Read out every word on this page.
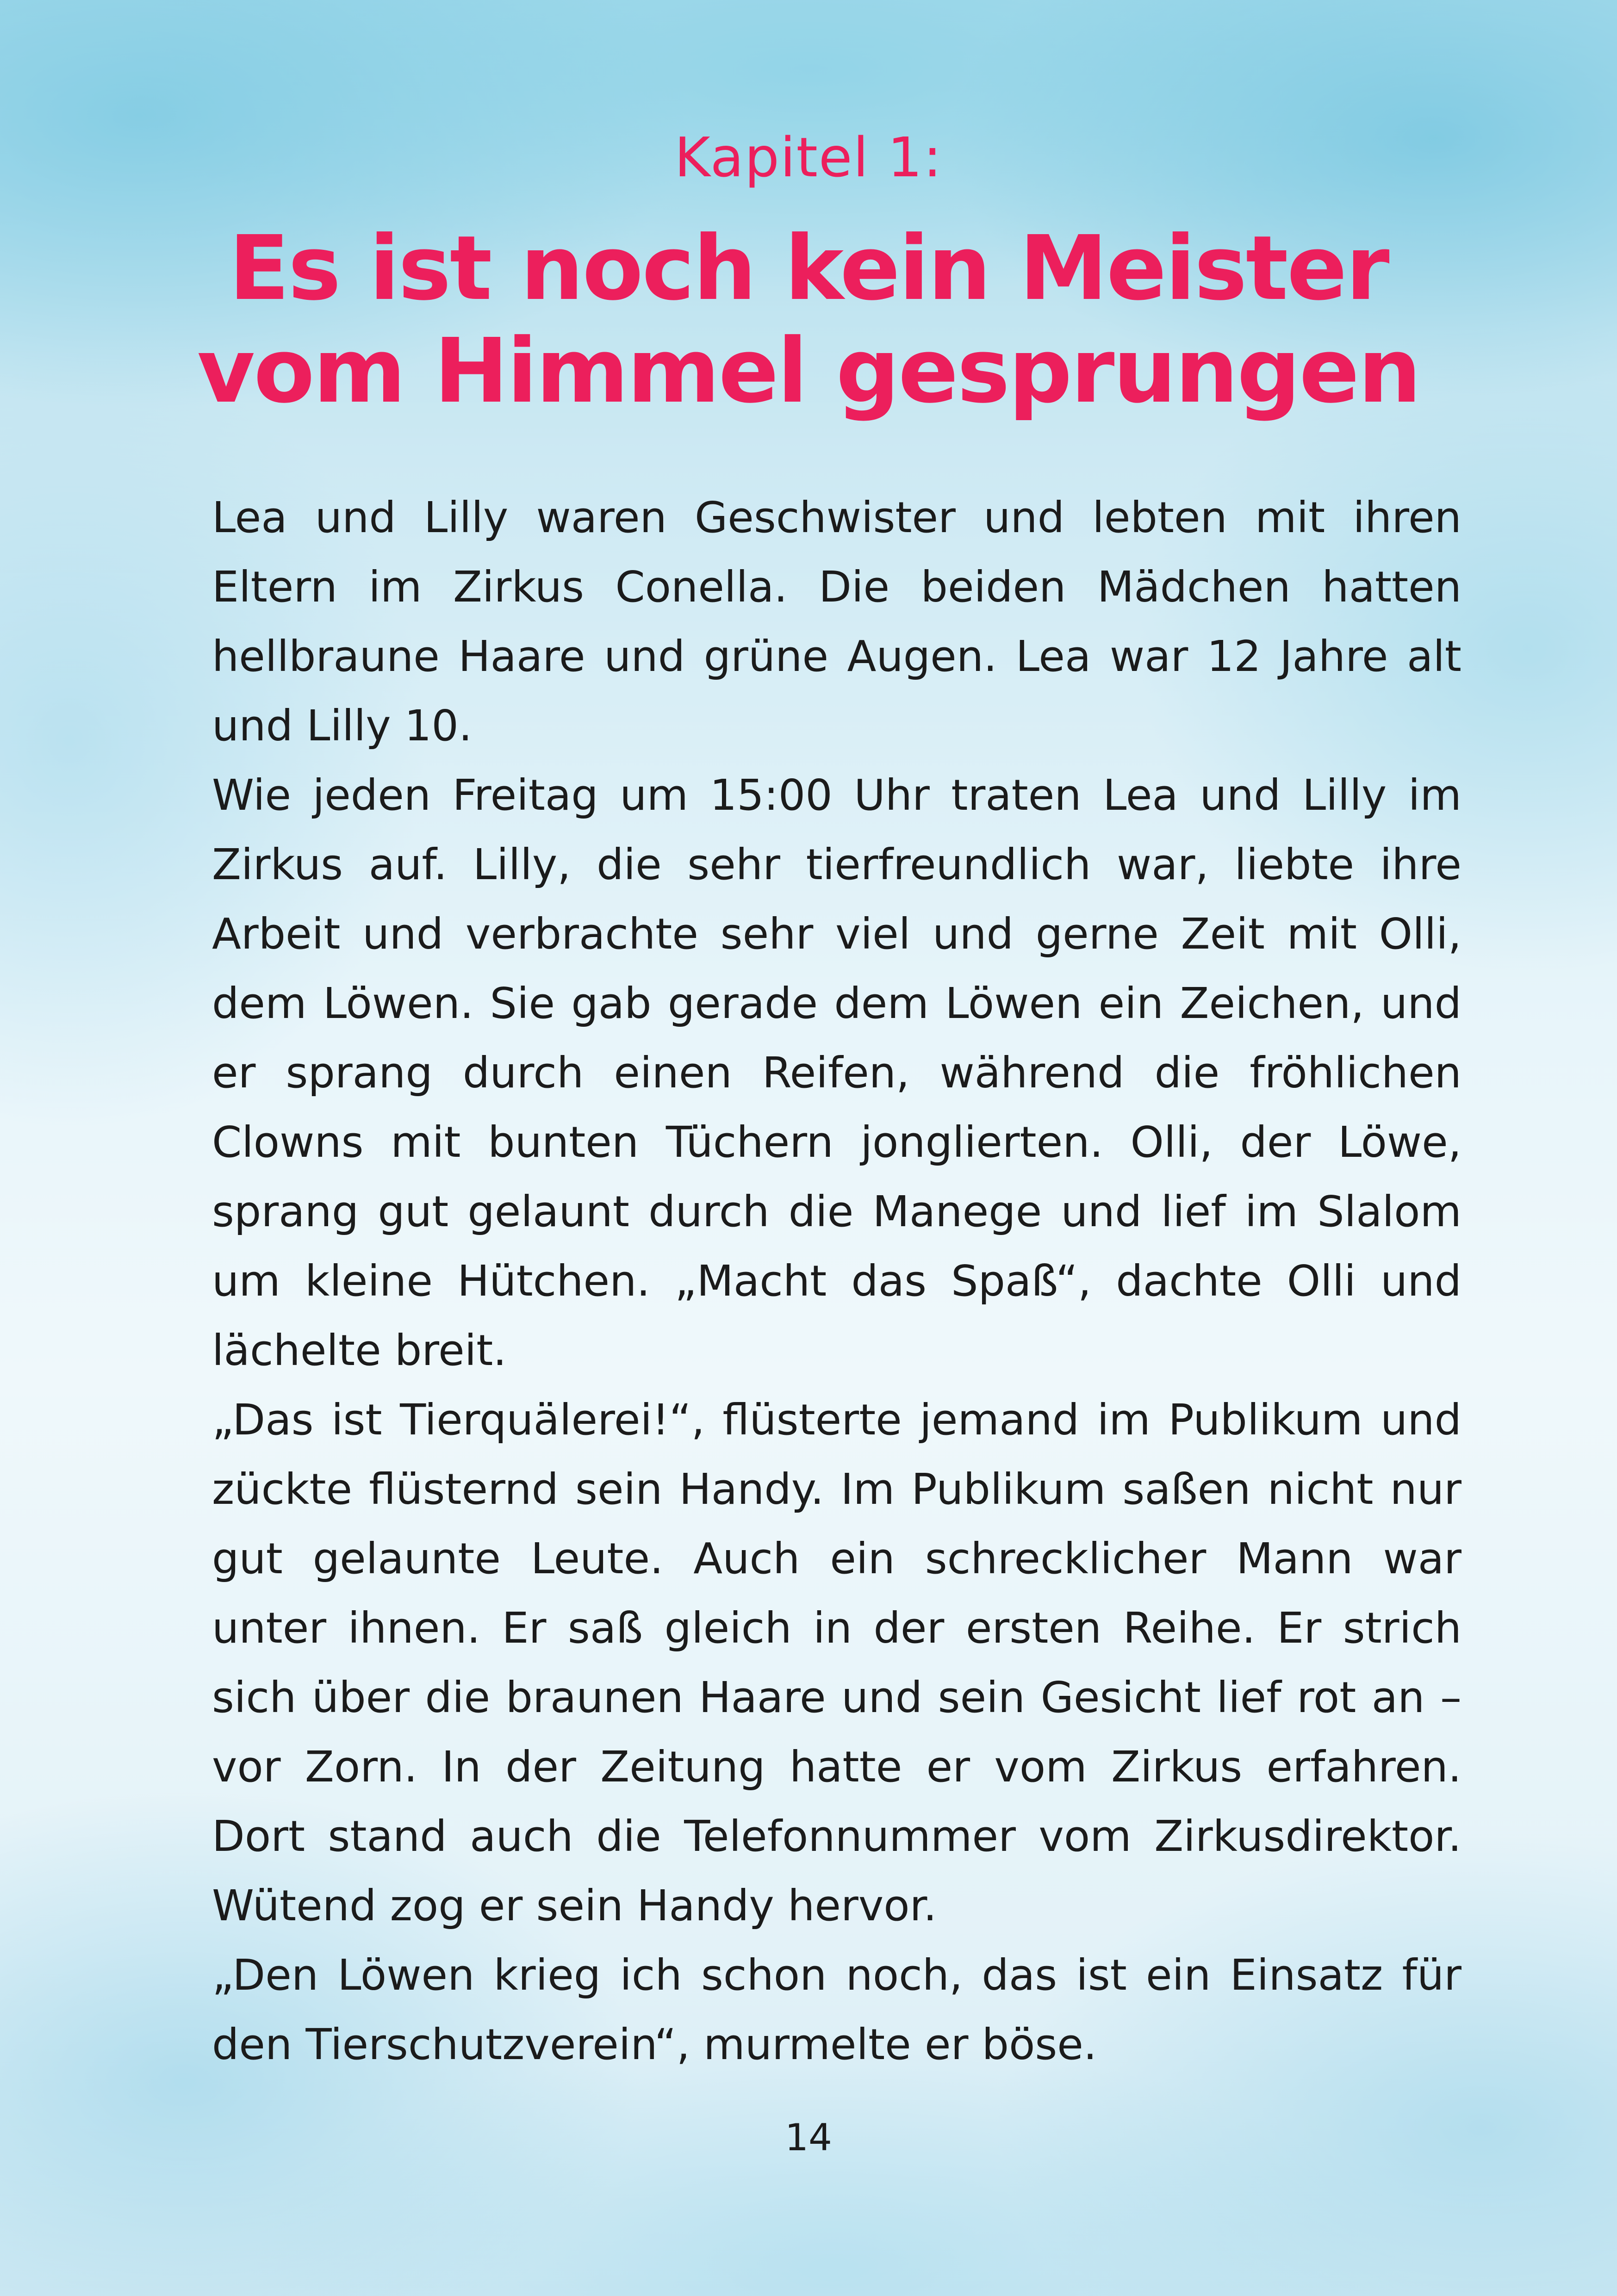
Kapitel 1:
Es ist noch kein Meister
vom Himmel gesprungen

Lea und Lilly waren Geschwister und lebten mit ihren Eltern im Zirkus Conella. Die beiden Mädchen hatten hellbraune Haare und grüne Augen. Lea war 12 Jahre alt und Lilly 10.

Wie jeden Freitag um 15:00 Uhr traten Lea und Lilly im Zirkus auf. Lilly, die sehr tierfreundlich war, liebte ihre Arbeit und verbrachte sehr viel und gerne Zeit mit Olli, dem Löwen. Sie gab gerade dem Löwen ein Zeichen, und er sprang durch einen Reifen, während die fröhlichen Clowns mit bunten Tüchern jonglierten. Olli, der Löwe, sprang gut gelaunt durch die Manege und lief im Slalom um kleine Hütchen. „Macht das Spaß“, dachte Olli und lächelte breit.

„Das ist Tierquälerei!“, flüsterte jemand im Publikum und zückte flüsternd sein Handy. Im Publikum saßen nicht nur gut gelaunte Leute. Auch ein schrecklicher Mann war unter ihnen. Er saß gleich in der ersten Reihe. Er strich sich über die braunen Haare und sein Gesicht lief rot an – vor Zorn. In der Zeitung hatte er vom Zirkus erfahren. Dort stand auch die Telefonnummer vom Zirkusdirektor. Wütend zog er sein Handy hervor.

„Den Löwen krieg ich schon noch, das ist ein Einsatz für den Tierschutzverein“, murmelte er böse.

14
